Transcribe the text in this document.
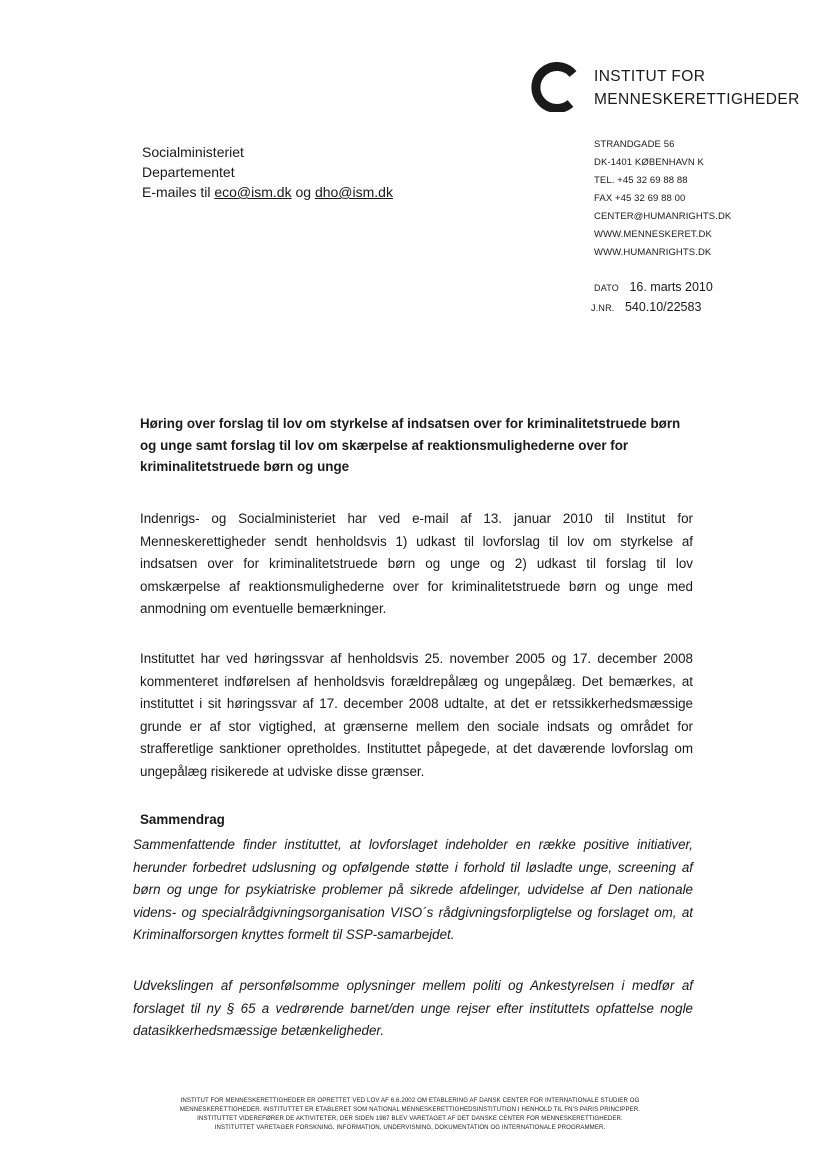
INSTITUT FOR
MENNESKERETTIGHEDER
Socialministeriet
Departementet
E-mailes til eco@ism.dk og dho@ism.dk
STRANDGADE 56
DK-1401 KØBENHAVN K
TEL. +45 32 69 88 88
FAX +45 32 69 88 00
CENTER@HUMANRIGHTS.DK
WWW.MENNESKERET.DK
WWW.HUMANRIGHTS.DK
DATO 16. marts 2010
J.NR. 540.10/22583
Høring over forslag til lov om styrkelse af indsatsen over for kriminalitetstruede børn og unge samt forslag til lov om skærpelse af reaktionsmulighederne over for kriminalitetstruede børn og unge
Indenrigs- og Socialministeriet har ved e-mail af 13. januar 2010 til Institut for Menneskerettigheder sendt henholdsvis 1) udkast til lovforslag til lov om styrkelse af indsatsen over for kriminalitetstruede børn og unge og 2) udkast til forslag til lov omskærpelse af reaktionsmulighederne over for kriminalitetstruede børn og unge med anmodning om eventuelle bemærkninger.
Instituttet har ved høringssvar af henholdsvis 25. november 2005 og 17. december 2008 kommenteret indførelsen af henholdsvis forældrepålæg og ungepålæg. Det bemærkes, at instituttet i sit høringssvar af 17. december 2008 udtalte, at det er retssikkerhedsmæssige grunde er af stor vigtighed, at grænserne mellem den sociale indsats og området for strafferetlige sanktioner opretholdes. Instituttet påpegede, at det daværende lovforslag om ungepålæg risikerede at udviske disse grænser.
Sammendrag
Sammenfattende finder instituttet, at lovforslaget indeholder en række positive initiativer, herunder forbedret udslusning og opfølgende støtte i forhold til løsladte unge, screening af børn og unge for psykiatriske problemer på sikrede afdelinger, udvidelse af Den nationale videns- og specialrådgivningsorganisation VISO´s rådgivningsforpligtelse og forslaget om, at Kriminalforsorgen knyttes formelt til SSP-samarbejdet.
Udvekslingen af personfølsomme oplysninger mellem politi og Ankestyrelsen i medfør af forslaget til ny § 65 a vedrørende barnet/den unge rejser efter instituttets opfattelse nogle datasikkerhedsmæssige betænkeligheder.
INSTITUT FOR MENNESKERETTIGHEDER ER OPRETTET VED LOV AF 6.6.2002 OM ETABLERING AF DANSK CENTER FOR INTERNATIONALE STUDIER OG
MENNESKERETTIGHEDER. INSTITUTTET ER ETABLERET SOM NATIONAL MENNESKERETTIGHEDSINSTITUTION I HENHOLD TIL FN'S PARIS PRINCIPPER.
INSTITUTTET VIDEREFØRER DE AKTIVITETER, DER SIDEN 1987 BLEV VARETAGET AF DET DANSKE CENTER FOR MENNESKERETTIGHEDER.
INSTITUTTET VARETAGER FORSKNING, INFORMATION, UNDERVISNING, DOKUMENTATION OG INTERNATIONALE PROGRAMMER.
